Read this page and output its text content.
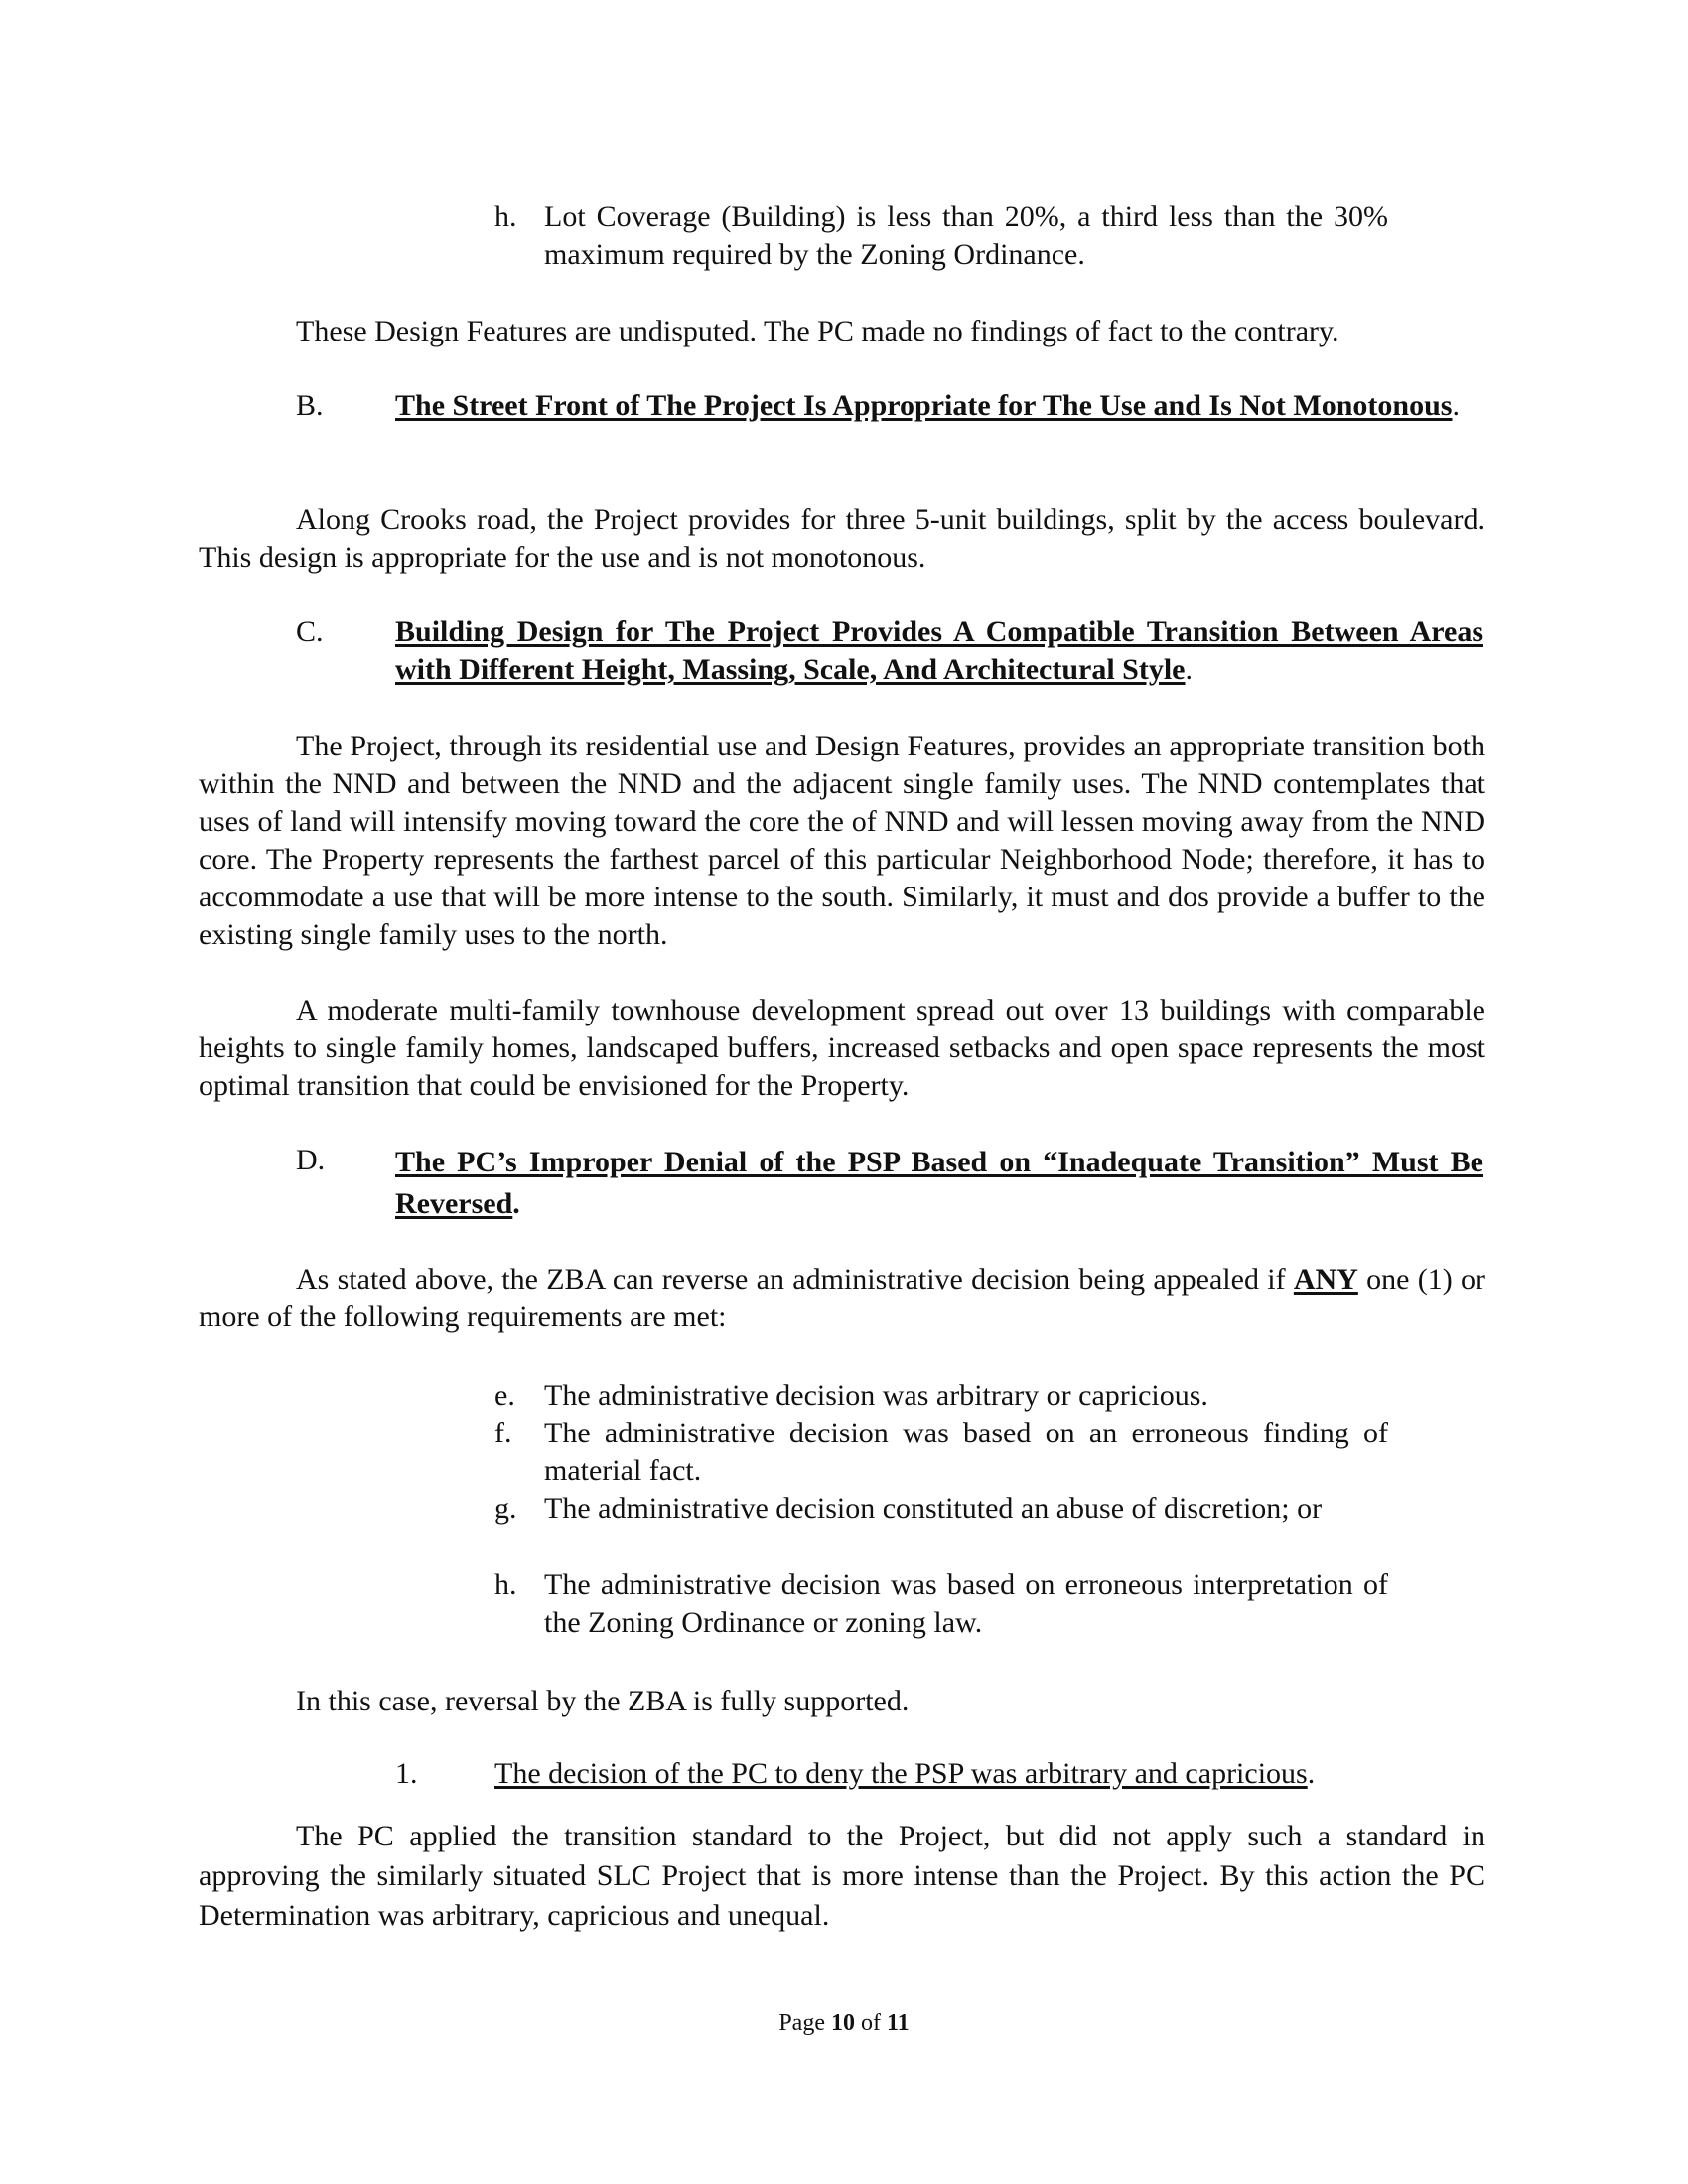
h. Lot Coverage (Building) is less than 20%, a third less than the 30% maximum required by the Zoning Ordinance.

These Design Features are undisputed. The PC made no findings of fact to the contrary.

B. The Street Front of The Project Is Appropriate for The Use and Is Not Monotonous.

Along Crooks road, the Project provides for three 5-unit buildings, split by the access boulevard. This design is appropriate for the use and is not monotonous.

C. Building Design for The Project Provides A Compatible Transition Between Areas with Different Height, Massing, Scale, And Architectural Style.

The Project, through its residential use and Design Features, provides an appropriate transition both within the NND and between the NND and the adjacent single family uses. The NND contemplates that uses of land will intensify moving toward the core the of NND and will lessen moving away from the NND core. The Property represents the farthest parcel of this particular Neighborhood Node; therefore, it has to accommodate a use that will be more intense to the south. Similarly, it must and dos provide a buffer to the existing single family uses to the north.

A moderate multi-family townhouse development spread out over 13 buildings with comparable heights to single family homes, landscaped buffers, increased setbacks and open space represents the most optimal transition that could be envisioned for the Property.

D. The PC’s Improper Denial of the PSP Based on “Inadequate Transition” Must Be Reversed.

As stated above, the ZBA can reverse an administrative decision being appealed if ANY one (1) or more of the following requirements are met:

e. The administrative decision was arbitrary or capricious.
f. The administrative decision was based on an erroneous finding of material fact.
g. The administrative decision constituted an abuse of discretion; or
h. The administrative decision was based on erroneous interpretation of the Zoning Ordinance or zoning law.

In this case, reversal by the ZBA is fully supported.

1.	The decision of the PC to deny the PSP was arbitrary and capricious.

The PC applied the transition standard to the Project, but did not apply such a standard in approving the similarly situated SLC Project that is more intense than the Project. By this action the PC Determination was arbitrary, capricious and unequal.

Page 10 of 11
